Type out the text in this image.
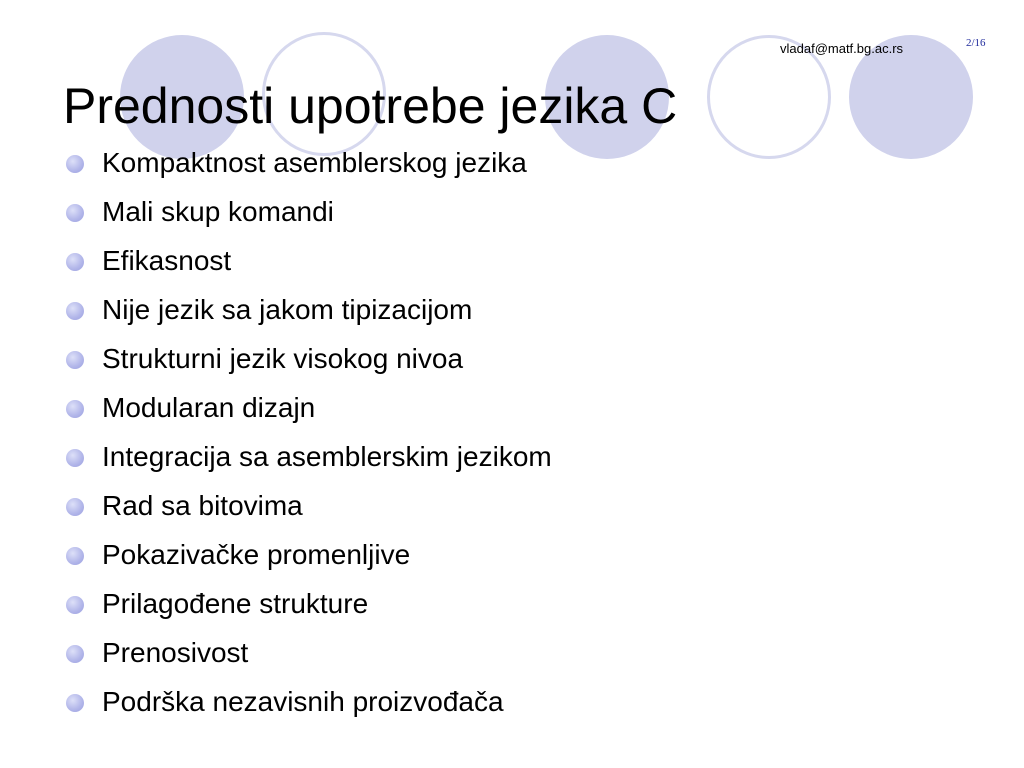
vladaf@matf.bg.ac.rs	2/16
Prednosti upotrebe jezika C
Kompaktnost asemblerskog jezika
Mali skup komandi
Efikasnost
Nije jezik sa jakom tipizacijom
Strukturni jezik visokog nivoa
Modularan dizajn
Integracija sa asemblerskim jezikom
Rad sa bitovima
Pokazivačke promenljive
Prilagođene strukture
Prenosivost
Podrška nezavisnih proizvođača
